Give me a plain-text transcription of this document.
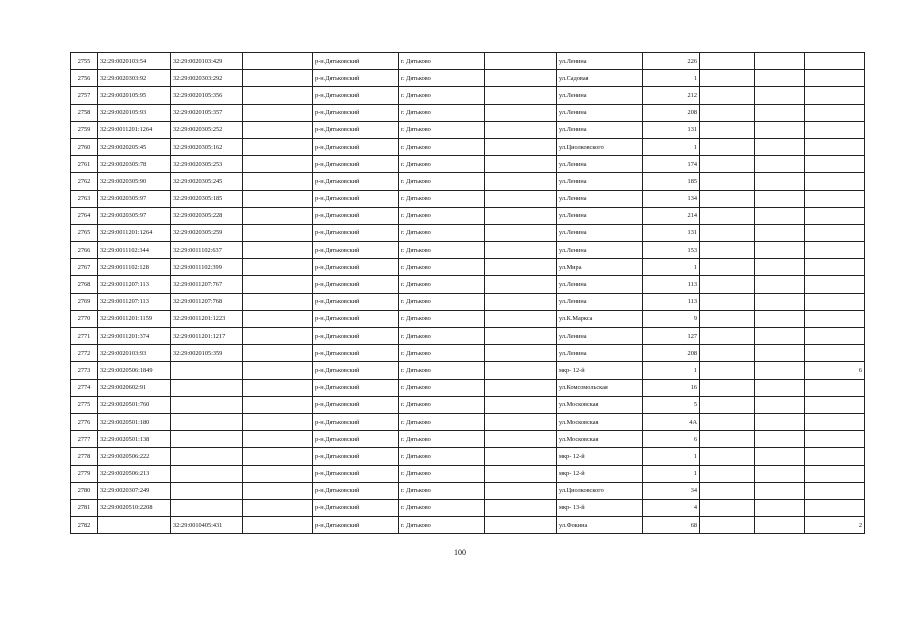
2755	32:29:0020103:54	32:29:0020103:429		р-н.Дятьковский	г. Дятьково		ул.Ленина	226			
2756	32:29:0020303:92	32:29:0020303:292		р-н.Дятьковский	г. Дятьково		ул.Садовая	1			
2757	32:29:0020105:95	32:29:0020105:356		р-н.Дятьковский	г. Дятьково		ул.Ленина	212			
2758	32:29:0020105:93	32:29:0020105:357		р-н.Дятьковский	г. Дятьково		ул.Ленина	208			
2759	32:29:0011201:1264	32:29:0020305:252		р-н.Дятьковский	г. Дятьково		ул.Ленина	131			
2760	32:29:0020205:45	32:29:0020305:162		р-н.Дятьковский	г. Дятьково		ул.Циолковского	1			
2761	32:29:0020305:78	32:29:0020305:253		р-н.Дятьковский	г. Дятьково		ул.Ленина	174			
2762	32:29:0020305:90	32:29:0020305:245		р-н.Дятьковский	г. Дятьково		ул.Ленина	185			
2763	32:29:0020305:97	32:29:0020305:185		р-н.Дятьковский	г. Дятьково		ул.Ленина	134			
2764	32:29:0020305:97	32:29:0020305:228		р-н.Дятьковский	г. Дятьково		ул.Ленина	214			
2765	32:29:0011201:1264	32:29:0020305:259		р-н.Дятьковский	г. Дятьково		ул.Ленина	131			
2766	32:29:0011102:344	32:29:0011102:637		р-н.Дятьковский	г. Дятьково		ул.Ленина	153			
2767	32:29:0011102:128	32:29:0011102:399		р-н.Дятьковский	г. Дятьково		ул.Мира	1			
2768	32:29:0011207:113	32:29:0011207:767		р-н.Дятьковский	г. Дятьково		ул.Ленина	113			
2769	32:29:0011207:113	32:29:0011207:768		р-н.Дятьковский	г. Дятьково		ул.Ленина	113			
2770	32:29:0011201:1159	32:29:0011201:1223		р-н.Дятьковский	г. Дятьково		ул.К.Маркса	9			
2771	32:29:0011201:374	32:29:0011201:1217		р-н.Дятьковский	г. Дятьково		ул.Ленина	127			
2772	32:29:0020103:93	32:29:0020105:359		р-н.Дятьковский	г. Дятьково		ул.Ленина	208			
2773	32:29:0020506:1849			р-н.Дятьковский	г. Дятьково		мкр- 12-й	1			6
2774	32:29:0020602:91			р-н.Дятьковский	г. Дятьково		ул.Комсомольская	16			
2775	32:29:0020501:760			р-н.Дятьковский	г. Дятьково		ул.Московская	5			
2776	32:29:0020501:180			р-н.Дятьковский	г. Дятьково		ул.Московская	4А			
2777	32:29:0020501:138			р-н.Дятьковский	г. Дятьково		ул.Московская	6			
2778	32:29:0020506:222			р-н.Дятьковский	г. Дятьково		мкр- 12-й	1			
2779	32:29:0020506:213			р-н.Дятьковский	г. Дятьково		мкр- 12-й	1			
2780	32:29:0020307:249			р-н.Дятьковский	г. Дятьково		ул.Циолковского	34			
2781	32:29:0020510:2208			р-н.Дятьковский	г. Дятьково		мкр- 13-й	4			
2782		32:29:0010405:431		р-н.Дятьковский	г. Дятьково		ул.Фокина	68			2
100
